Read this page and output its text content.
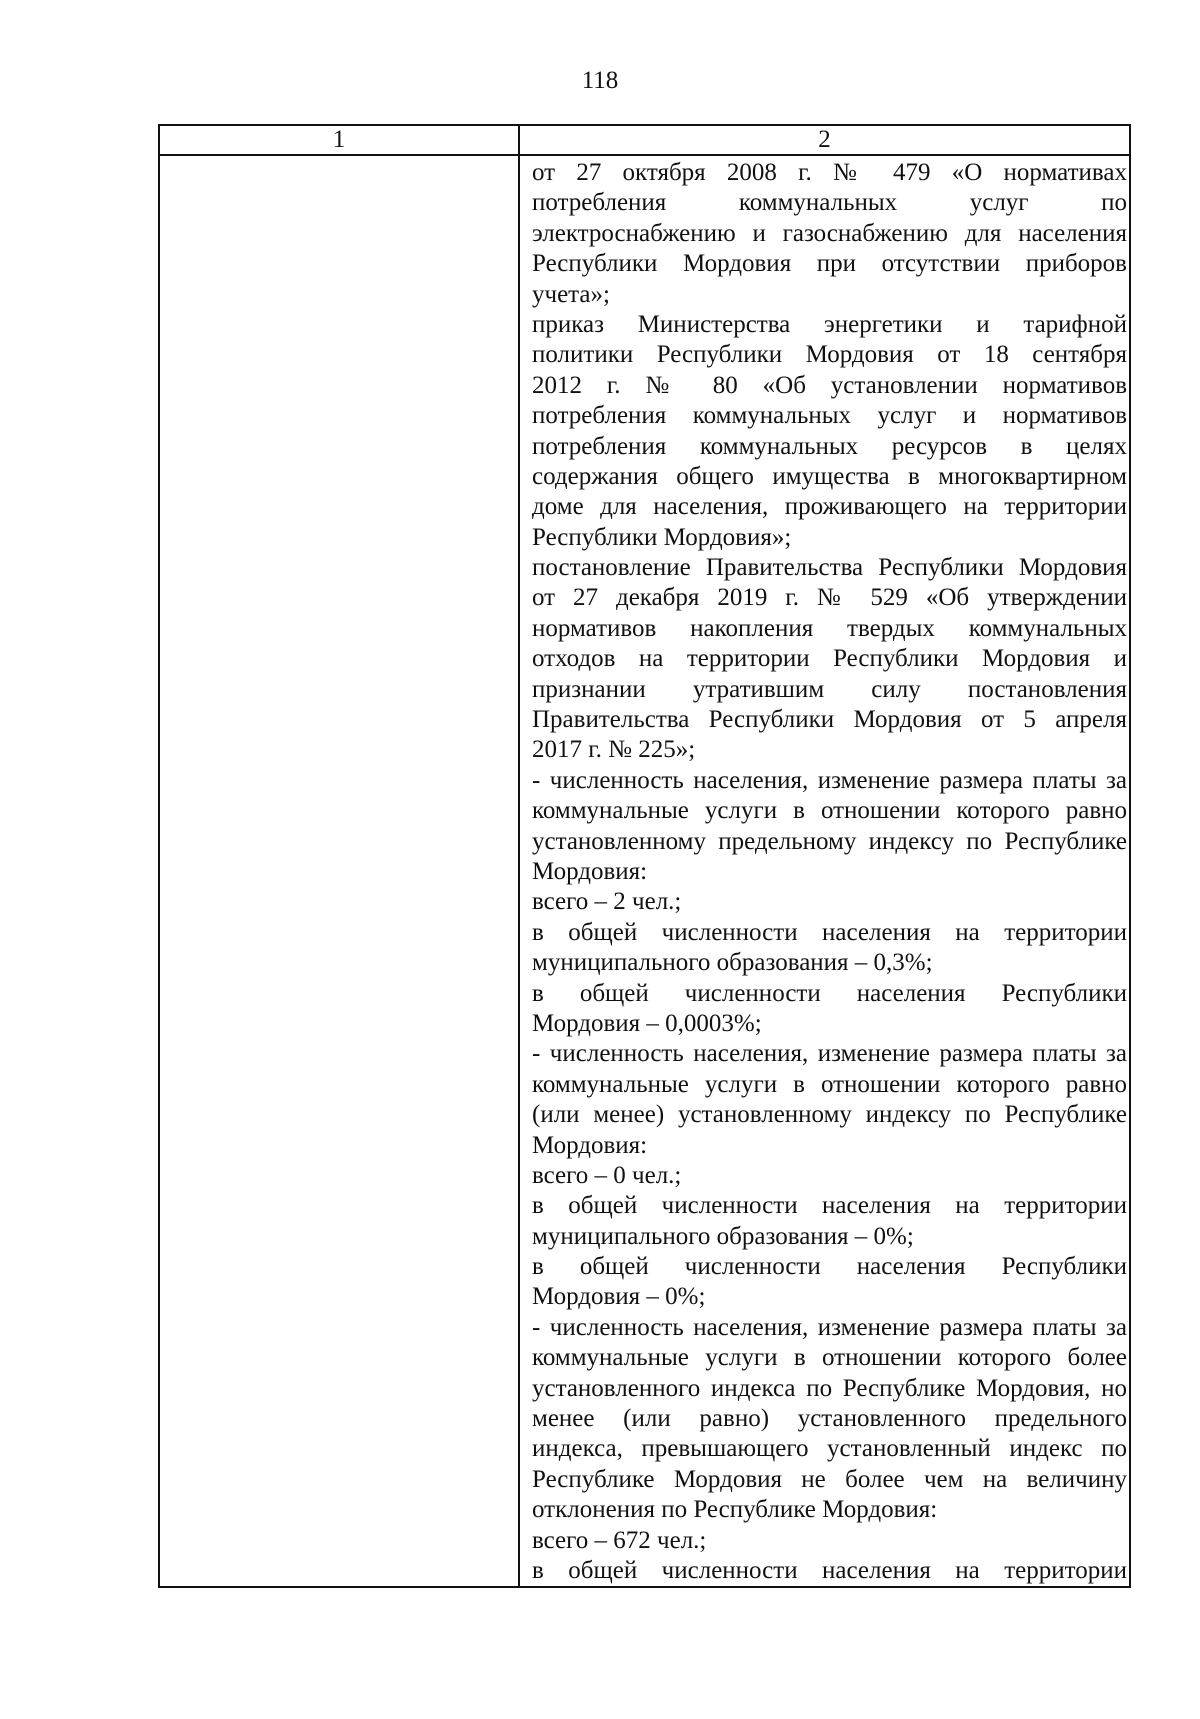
118
1	2
от 27 октября 2008 г. № 479 «О нормативах
потребления коммунальных услуг по
электроснабжению и газоснабжению для населения
Республики Мордовия при отсутствии приборов
учета»;
приказ Министерства энергетики и тарифной
политики Республики Мордовия от 18 сентября
2012 г. № 80 «Об установлении нормативов
потребления коммунальных услуг и нормативов
потребления коммунальных ресурсов в целях
содержания общего имущества в многоквартирном
доме для населения, проживающего на территории
Республики Мордовия»;
постановление Правительства Республики Мордовия
от 27 декабря 2019 г. № 529 «Об утверждении
нормативов накопления твердых коммунальных
отходов на территории Республики Мордовия и
признании утратившим силу постановления
Правительства Республики Мордовия от 5 апреля
2017 г. № 225»;
- численность населения, изменение размера платы за
коммунальные услуги в отношении которого равно
установленному предельному индексу по Республике
Мордовия:
всего – 2 чел.;
в общей численности населения на территории
муниципального образования – 0,3%;
в общей численности населения Республики
Мордовия – 0,0003%;
- численность населения, изменение размера платы за
коммунальные услуги в отношении которого равно
(или менее) установленному индексу по Республике
Мордовия:
всего – 0 чел.;
в общей численности населения на территории
муниципального образования – 0%;
в общей численности населения Республики
Мордовия – 0%;
- численность населения, изменение размера платы за
коммунальные услуги в отношении которого более
установленного индекса по Республике Мордовия, но
менее (или равно) установленного предельного
индекса, превышающего установленный индекс по
Республике Мордовия не более чем на величину
отклонения по Республике Мордовия:
всего – 672 чел.;
в общей численности населения на территории
